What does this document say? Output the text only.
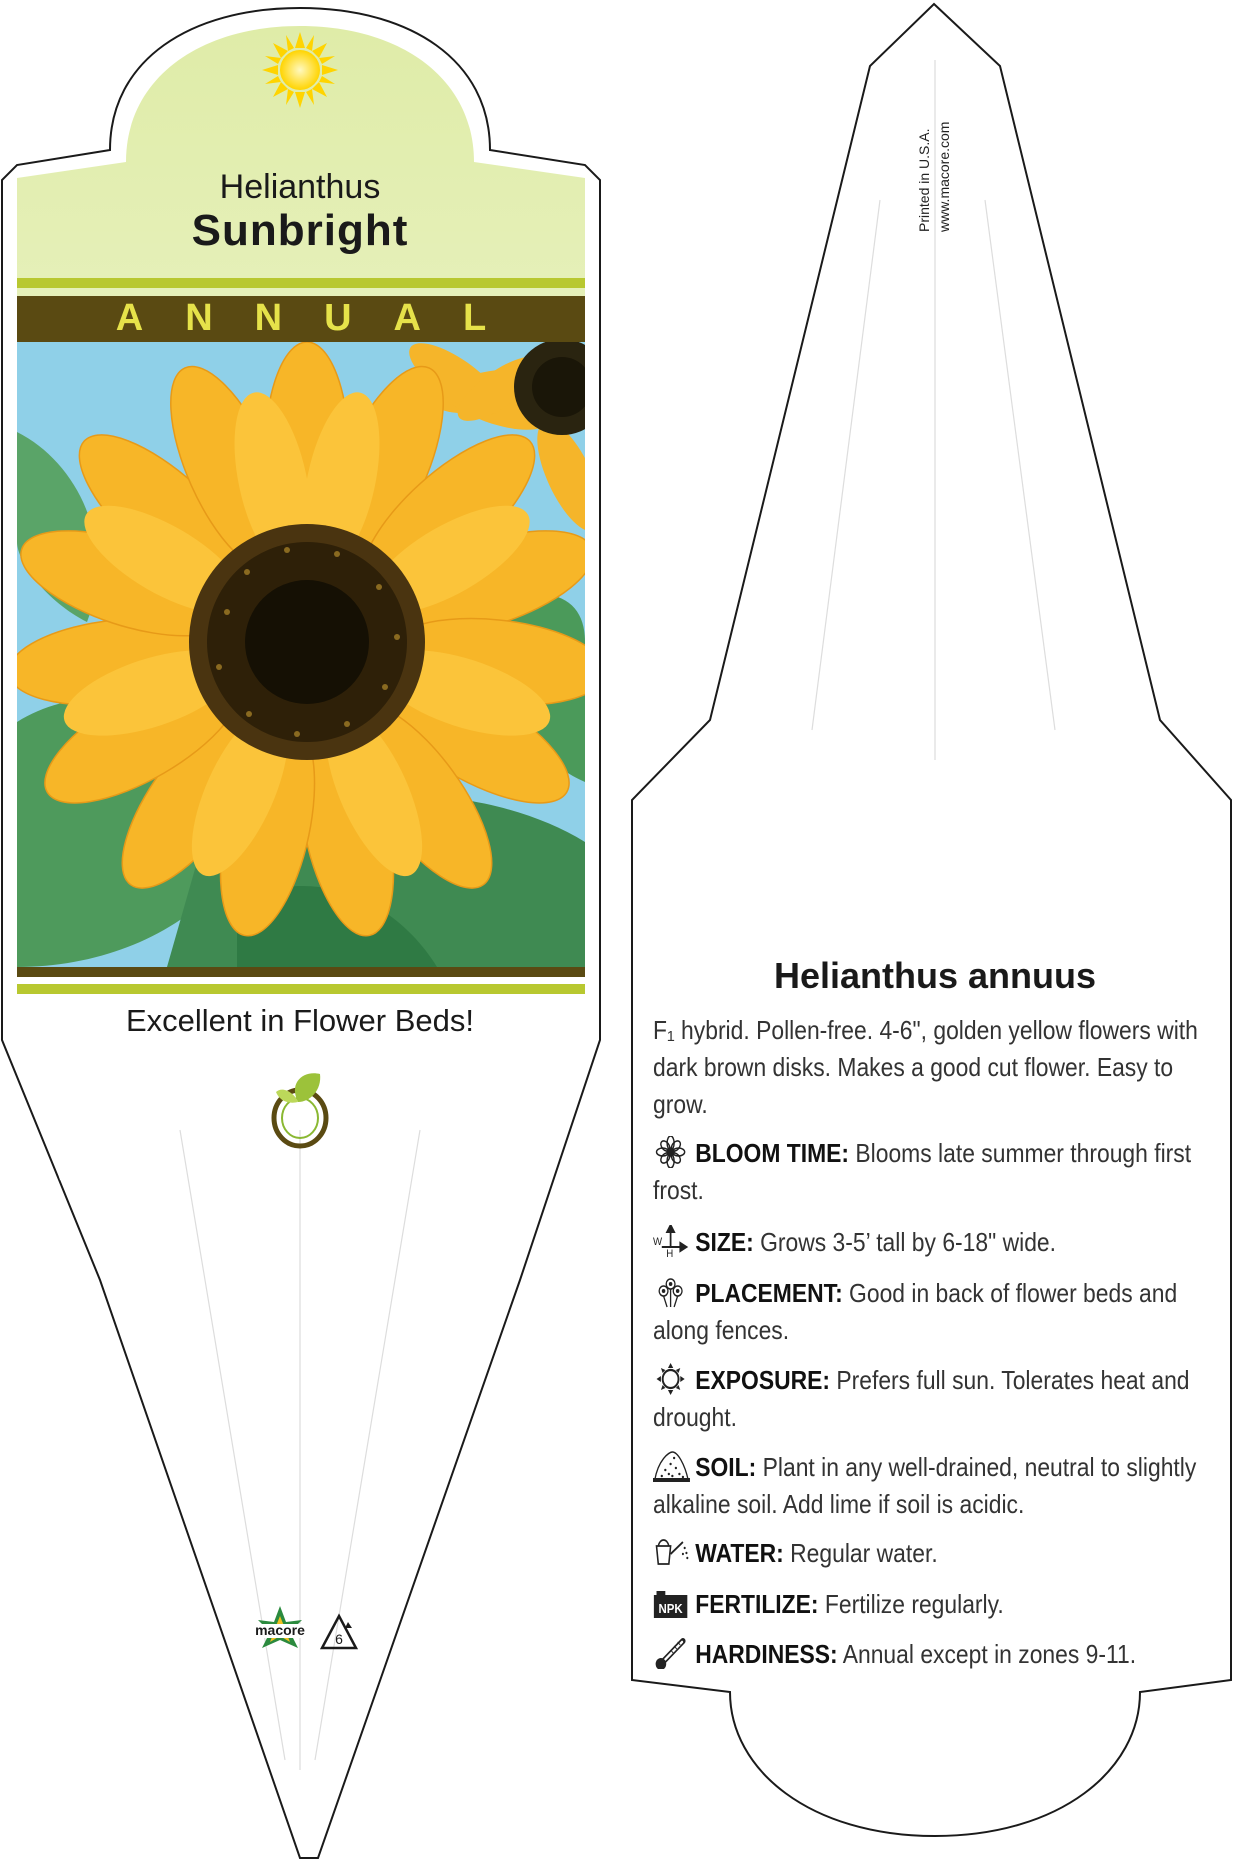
Helianthus
Sunbright
ANNUAL
Excellent in Flower Beds!
macore
6
Printed in U.S.A. www.macore.com
Helianthus annuus
F₁ hybrid. Pollen-free. 4-6", golden yellow flowers with dark brown disks. Makes a good cut flower. Easy to grow.
BLOOM TIME: Blooms late summer through first frost.
W
H SIZE: Grows 3-5’ tall by 6-18" wide.
PLACEMENT: Good in back of flower beds and along fences.
EXPOSURE: Prefers full sun. Tolerates heat and drought.
SOIL: Plant in any well-drained, neutral to slightly alkaline soil. Add lime if soil is acidic.
WATER: Regular water.
NPK FERTILIZE: Fertilize regularly.
HARDINESS: Annual except in zones 9-11.
